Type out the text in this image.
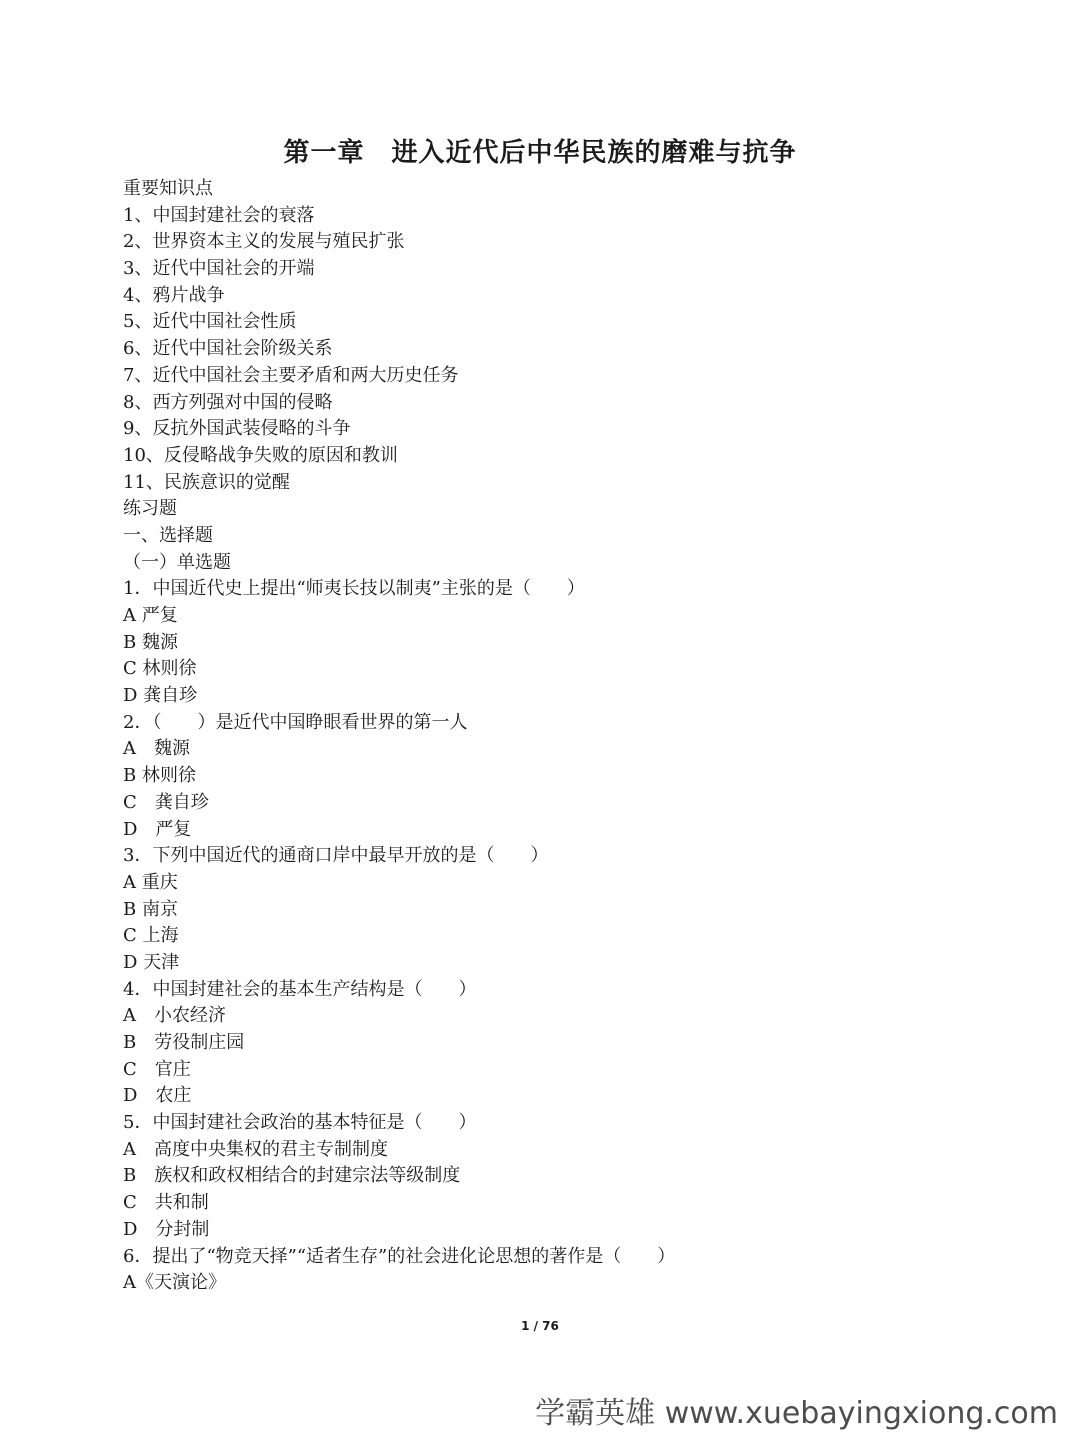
第一章　进入近代后中华民族的磨难与抗争
重要知识点
1、中国封建社会的衰落
2、世界资本主义的发展与殖民扩张
3、近代中国社会的开端
4、鸦片战争
5、近代中国社会性质
6、近代中国社会阶级关系
7、近代中国社会主要矛盾和两大历史任务
8、西方列强对中国的侵略
9、反抗外国武装侵略的斗争
10、反侵略战争失败的原因和教训
11、民族意识的觉醒
练习题
一、选择题
（一）单选题
1．中国近代史上提出“师夷长技以制夷”主张的是（　　）
A 严复
B 魏源
C 林则徐
D 龚自珍
2．（　　）是近代中国睁眼看世界的第一人
A　魏源
B 林则徐
C　龚自珍
D　严复
3．下列中国近代的通商口岸中最早开放的是（　　）
A 重庆
B 南京
C 上海
D 天津
4．中国封建社会的基本生产结构是（　　）
A　小农经济
B　劳役制庄园
C　官庄
D　农庄
5．中国封建社会政治的基本特征是（　　）
A　高度中央集权的君主专制制度
B　族权和政权相结合的封建宗法等级制度
C　共和制
D　分封制
6．提出了“物竞天择”“适者生存”的社会进化论思想的著作是（　　）
A《天演论》
1 / 76
学霸英雄 www.xuebayingxiong.com
